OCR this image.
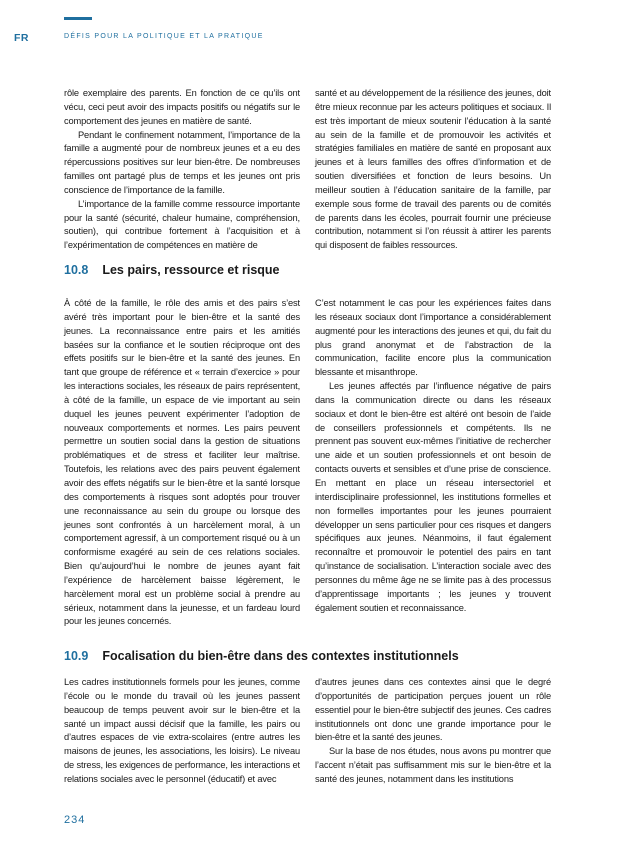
FR	DÉFIS POUR LA POLITIQUE ET LA PRATIQUE

rôle exemplaire des parents. En fonction de ce qu’ils ont vécu, ceci peut avoir des impacts positifs ou négatifs sur le comportement des jeunes en matière de santé.

Pendant le confinement notamment, l’importance de la famille a augmenté pour de nombreux jeunes et a eu des répercussions positives sur leur bien-être. De nombreuses familles ont partagé plus de temps et les jeunes ont pris conscience de l’importance de la famille.

L’importance de la famille comme ressource importante pour la santé (sécurité, chaleur humaine, compréhension, soutien), qui contribue fortement à l’acquisition et à l’expérimentation de compétences en matière de

santé et au développement de la résilience des jeunes, doit être mieux reconnue par les acteurs politiques et sociaux. Il est très important de mieux soutenir l’éducation à la santé au sein de la famille et de promouvoir les activités et stratégies familiales en matière de santé en proposant aux jeunes et à leurs familles des offres d’information et de soutien diversifiées et fonction de leurs besoins. Un meilleur soutien à l’éducation sanitaire de la famille, par exemple sous forme de travail des parents ou de comités de parents dans les écoles, pourrait fournir une précieuse contribution, notamment si l’on réussit à attirer les parents qui disposent de faibles ressources.

10.8 Les pairs, ressource et risque

À côté de la famille, le rôle des amis et des pairs s’est avéré très important pour le bien-être et la santé des jeunes. La reconnaissance entre pairs et les amitiés basées sur la confiance et le soutien réciproque ont des effets positifs sur le bien-être et la santé des jeunes. En tant que groupe de référence et « terrain d’exercice » pour les interactions sociales, les réseaux de pairs représentent, à côté de la famille, un espace de vie important au sein duquel les jeunes peuvent expérimenter l’adoption de nouveaux comportements et normes. Les pairs peuvent permettre un soutien social dans la gestion de situations problématiques et de stress et faciliter leur maîtrise. Toutefois, les relations avec des pairs peuvent également avoir des effets négatifs sur le bien-être et la santé lorsque des comportements à risques sont adoptés pour trouver une reconnaissance au sein du groupe ou lorsque des jeunes sont confrontés à un harcèlement moral, à un comportement agressif, à un comportement risqué ou à un conformisme exagéré au sein de ces relations sociales. Bien qu’aujourd’hui le nombre de jeunes ayant fait l’expérience de harcèlement baisse légèrement, le harcèlement moral est un problème social à prendre au sérieux, notamment dans la jeunesse, et un fardeau lourd pour les jeunes concernés.

C’est notamment le cas pour les expériences faites dans les réseaux sociaux dont l’importance a considérablement augmenté pour les interactions des jeunes et qui, du fait du plus grand anonymat et de l’abstraction de la communication, facilite encore plus la communication blessante et misanthrope.

Les jeunes affectés par l’influence négative de pairs dans la communication directe ou dans les réseaux sociaux et dont le bien-être est altéré ont besoin de l’aide de conseillers professionnels et compétents. Ils ne prennent pas souvent eux-mêmes l’initiative de rechercher une aide et un soutien professionnels et ont besoin de contacts ouverts et sensibles et d’une prise de conscience. En mettant en place un réseau intersectoriel et interdisciplinaire professionnel, les institutions formelles et non formelles importantes pour les jeunes pourraient développer un sens particulier pour ces risques et dangers spécifiques aux jeunes. Néanmoins, il faut également reconnaître et promouvoir le potentiel des pairs en tant qu’instance de socialisation. L’interaction sociale avec des personnes du même âge ne se limite pas à des processus d’apprentissage importants ; les jeunes y trouvent également soutien et reconnaissance.

10.9 Focalisation du bien-être dans des contextes institutionnels

Les cadres institutionnels formels pour les jeunes, comme l’école ou le monde du travail où les jeunes passent beaucoup de temps peuvent avoir sur le bien-être et la santé un impact aussi décisif que la famille, les pairs ou d’autres espaces de vie extra-scolaires (entre autres les maisons de jeunes, les associations, les loisirs). Le niveau de stress, les exigences de performance, les interactions et relations sociales avec le personnel (éducatif) et avec

d’autres jeunes dans ces contextes ainsi que le degré d’opportunités de participation perçues jouent un rôle essentiel pour le bien-être subjectif des jeunes. Ces cadres institutionnels ont donc une grande importance pour le bien-être et la santé des jeunes.

Sur la base de nos études, nous avons pu montrer que l’accent n’était pas suffisamment mis sur le bien-être et la santé des jeunes, notamment dans les institutions

234
